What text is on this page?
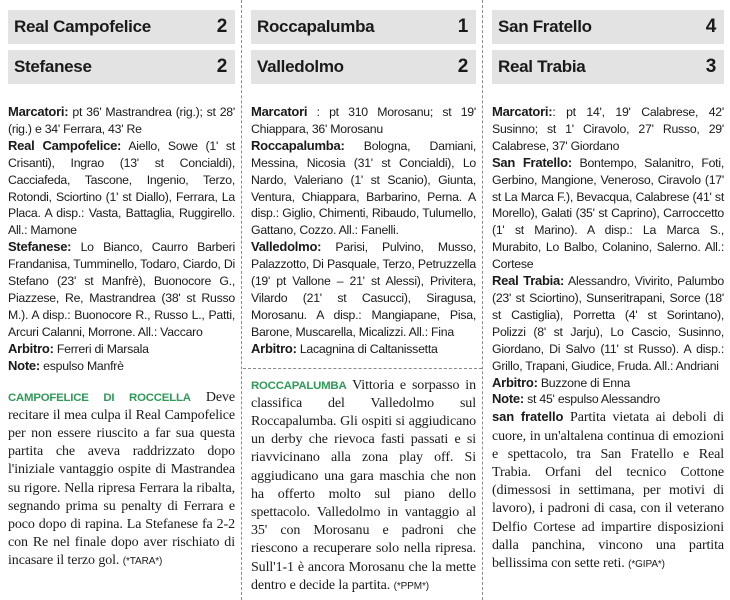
Real Campofelice	2
Stefanese	2

Marcatori: pt 36' Mastrandrea (rig.); st 28' (rig.) e 34' Ferrara, 43' Re

Real Campofelice: Aiello, Sowe (1' st Crisanti), Ingrao (13' st Concialdi), Cacciafeda, Tascone, Ingenio, Terzo, Rotondi, Sciortino (1' st Diallo), Ferrara, La Placa. A disp.: Vasta, Battaglia, Ruggirello. All.: Mamone

Stefanese: Lo Bianco, Caurro Barberi Frandanisa, Tumminello, Todaro, Ciardo, Di Stefano (23' st Manfrè), Buonocore G., Piazzese, Re, Mastrandrea (38' st Russo M.). A disp.: Buonocore R., Russo L., Patti, Arcuri Calanni, Morrone. All.: Vaccaro

Arbitro: Ferreri di Marsala

Note: espulso Manfrè

CAMPOFELICE DI ROCCELLA Deve recitare il mea culpa il Real Campofelice per non essere riuscito a far sua questa partita che aveva raddrizzato dopo l'iniziale vantaggio ospite di Mastrandea su rigore. Nella ripresa Ferrara la ribalta, segnando prima su penalty di Ferrara e poco dopo di rapina. La Stefanese fa 2-2 con Re nel finale dopo aver rischiato di incasare il terzo gol. (*TARA*)

Roccapalumba	1
Valledolmo	2

Marcatori : pt 310 Morosanu; st 19' Chiappara, 36' Morosanu

Roccapalumba: Bologna, Damiani, Messina, Nicosia (31' st Concialdi), Lo Nardo, Valeriano (1' st Scanio), Giunta, Ventura, Chiappara, Barbarino, Perna. A disp.: Giglio, Chimenti, Ribaudo, Tulumello, Gattano, Cozzo. All.: Fanelli.

Valledolmo: Parisi, Pulvino, Musso, Palazzotto, Di Pasquale, Terzo, Petruzzella (19' pt Vallone – 21' st Alessi), Privitera, Vilardo (21' st Casucci), Siragusa, Morosanu. A disp.: Mangiapane, Pisa, Barone, Muscarella, Micalizzi. All.: Fina

Arbitro: Lacagnina di Caltanissetta

ROCCAPALUMBA Vittoria e sorpasso in classifica del Valledolmo sul Roccapalumba. Gli ospiti si aggiudicano un derby che rievoca fasti passati e si riavvicinano alla zona play off. Si aggiudicano una gara maschia che non ha offerto molto sul piano dello spettacolo. Valledolmo in vantaggio al 35' con Morosanu e padroni che riescono a recuperare solo nella ripresa. Sull'1-1 è ancora Morosanu che la mette dentro e decide la partita. (*PPM*)

San Fratello	4
Real Trabia	3

Marcatori:: pt 14', 19' Calabrese, 42' Susinno; st 1' Ciravolo, 27' Russo, 29' Calabrese, 37' Giordano

San Fratello: Bontempo, Salanitro, Foti, Gerbino, Mangione, Veneroso, Ciravolo (17' st La Marca F.), Bevacqua, Calabrese (41' st Morello), Galati (35' st Caprino), Carroccetto (1' st Marino). A disp.: La Marca S., Murabito, Lo Balbo, Colanino, Salerno. All.: Cortese

Real Trabia: Alessandro, Vivirito, Palumbo (23' st Sciortino), Sunseritrapani, Sorce (18' st Castiglia), Porretta (4' st Sorintano), Polizzi (8' st Jarju), Lo Cascio, Susinno, Giordano, Di Salvo (11' st Russo). A disp.: Grillo, Trapani, Giudice, Fruda. All.: Andriani

Arbitro: Buzzone di Enna

Note: st 45' espulso Alessandro

san fratello Partita vietata ai deboli di cuore, in un'altalena continua di emozioni e spettacolo, tra San Fratello e Real Trabia. Orfani del tecnico Cottone (dimessosi in settimana, per motivi di lavoro), i padroni di casa, con il veterano Delfio Cortese ad impartire disposizioni dalla panchina, vincono una partita bellissima con sette reti. (*GIPA*)
